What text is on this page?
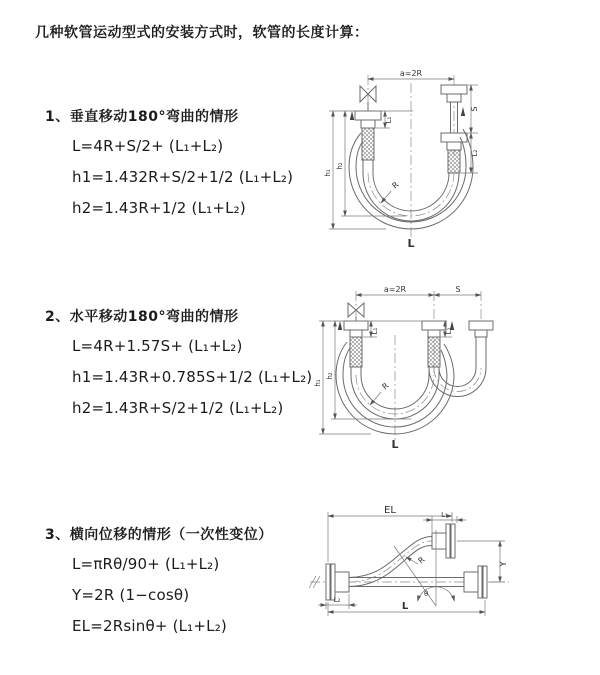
几种软管运动型式的安装方式时，软管的长度计算：

1、垂直移动180°弯曲的情形

L=4R+S/2+ (L₁+L₂)

h1=1.432R+S/2+1/2 (L₁+L₂)

h2=1.43R+1/2 (L₁+L₂)

2、水平移动180°弯曲的情形

L=4R+1.57S+ (L₁+L₂)

h1=1.43R+0.785S+1/2 (L₁+L₂)

h2=1.43R+S/2+1/2 (L₁+L₂)

3、横向位移的情形（一次性变位）

L=πRθ/90+ (L₁+L₂)

Y=2R (1−cosθ)

EL=2Rsinθ+ (L₁+L₂)

a=2R
S
L₂
L₁
h₁
h₂
R
L
a=2R	S
h₁
h₂
L₁	L₂
R
L
θ
R
EL	L₁
Y
L
L₂
